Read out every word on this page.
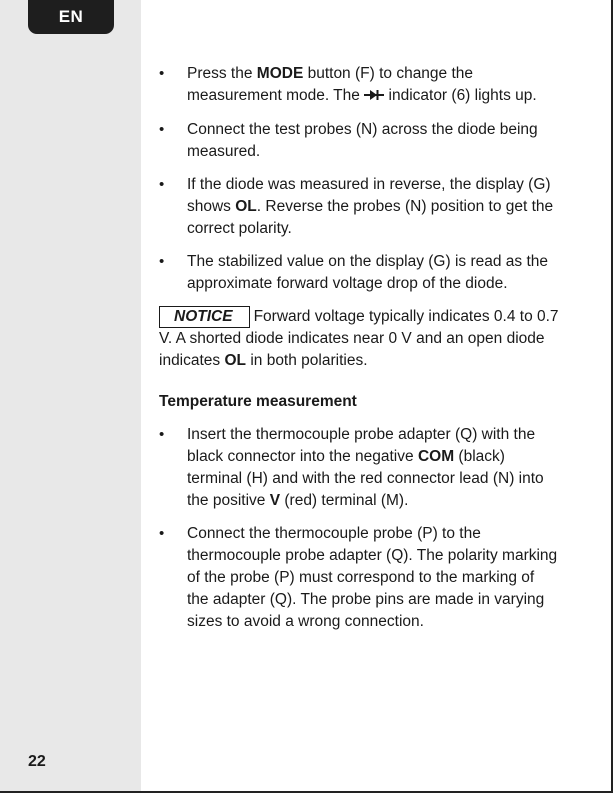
EN
22
• Press the MODE button (F) to change the measurement mode. The  indicator (6) lights up.
• Connect the test probes (N) across the diode being measured.
• If the diode was measured in reverse, the display (G) shows OL. Reverse the probes (N) position to get the correct polarity.
• The stabilized value on the display (G) is read as the approximate forward voltage drop of the diode.

NOTICE Forward voltage typically indicates 0.4 to 0.7 V. A shorted diode indicates near 0 V and an open diode indicates OL in both polarities.

Temperature measurement
• Insert the thermocouple probe adapter (Q) with the black connector into the negative COM (black) terminal (H) and with the red connector lead (N) into the positive V (red) terminal (M).
• Connect the thermocouple probe (P) to the thermocouple probe adapter (Q). The polarity marking of the probe (P) must correspond to the marking of the adapter (Q). The probe pins are made in varying sizes to avoid a wrong connection.
